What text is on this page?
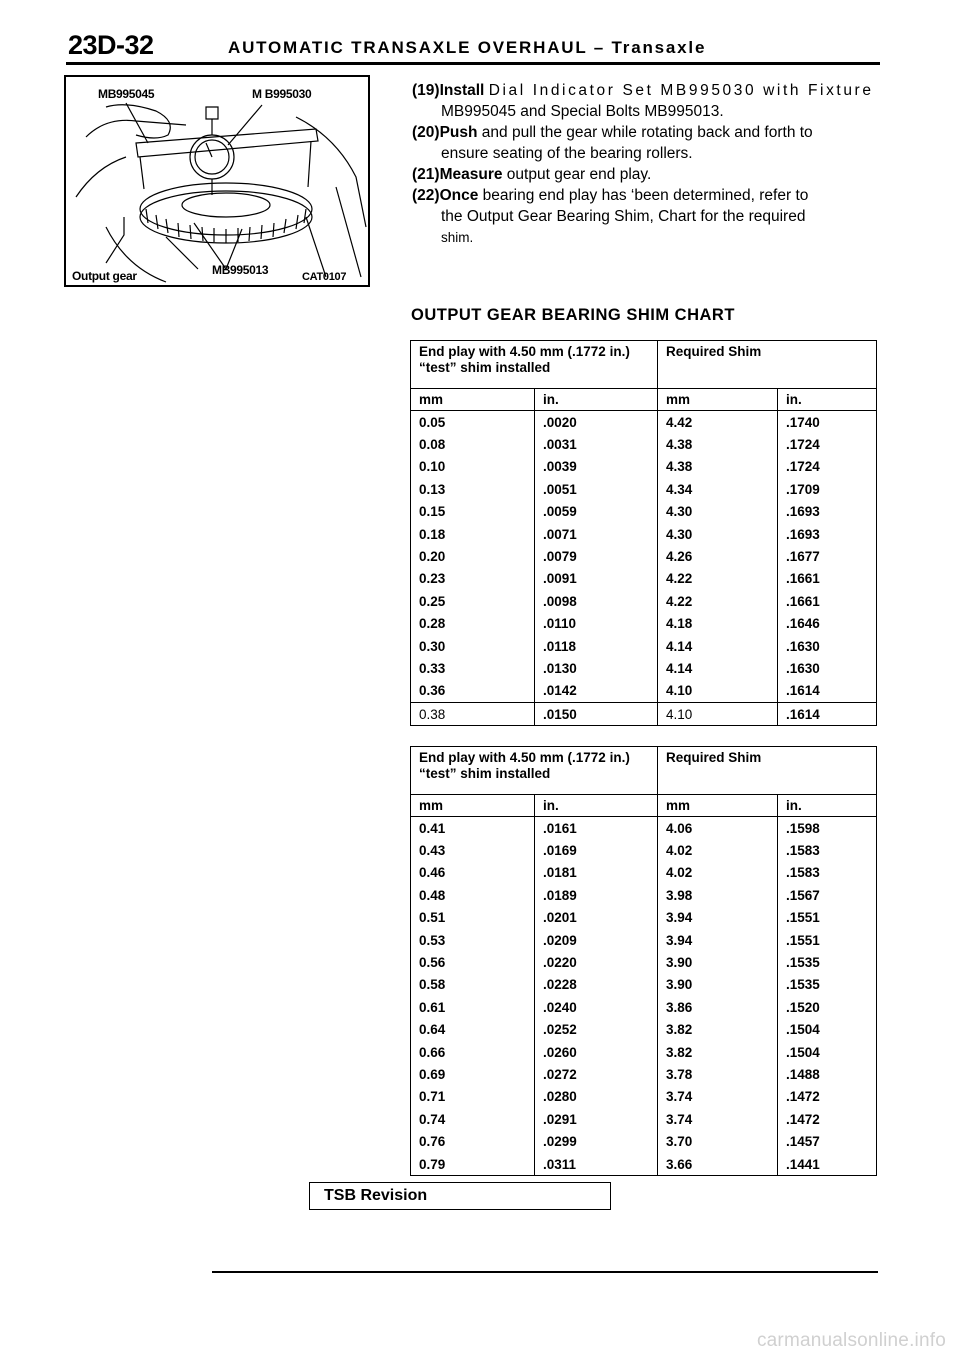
23D-32	AUTOMATIC TRANSAXLE OVERHAUL – Transaxle
MB995045	M B995030
Output gear	MB995013	CAT0107

(19)Install Dial Indicator Set MB995030 with Fixture
MB995045 and Special Bolts MB995013.

(20)Push and pull the gear while rotating back and forth to
ensure seating of the bearing rollers.

(21)Measure output gear end play.

(22)Once bearing end play has ‘been determined, refer to
the Output Gear Bearing Shim, Chart for the required
shim.

OUTPUT GEAR BEARING SHIM CHART
End play with 4.50 mm (.1772 in.) “test” shim installed		Required Shim	
mm	in.	mm	in.
0.05	.0020	4.42	.1740
0.08	.0031	4.38	.1724
0.10	.0039	4.38	.1724
0.13	.0051	4.34	.1709
0.15	.0059	4.30	.1693
0.18	.0071	4.30	.1693
0.20	.0079	4.26	.1677
0.23	.0091	4.22	.1661
0.25	.0098	4.22	.1661
0.28	.0110	4.18	.1646
0.30	.0118	4.14	.1630
0.33	.0130	4.14	.1630
0.36	.0142	4.10	.1614
0.38	.0150	4.10	.1614
End play with 4.50 mm (.1772 in.) “test” shim installed		Required Shim	
mm	in.	mm	in.
0.41	.0161	4.06	.1598
0.43	.0169	4.02	.1583
0.46	.0181	4.02	.1583
0.48	.0189	3.98	.1567
0.51	.0201	3.94	.1551
0.53	.0209	3.94	.1551
0.56	.0220	3.90	.1535
0.58	.0228	3.90	.1535
0.61	.0240	3.86	.1520
0.64	.0252	3.82	.1504
0.66	.0260	3.82	.1504
0.69	.0272	3.78	.1488
0.71	.0280	3.74	.1472
0.74	.0291	3.74	.1472
0.76	.0299	3.70	.1457
0.79	.0311	3.66	.1441
TSB Revision
carmanualsonline.info
